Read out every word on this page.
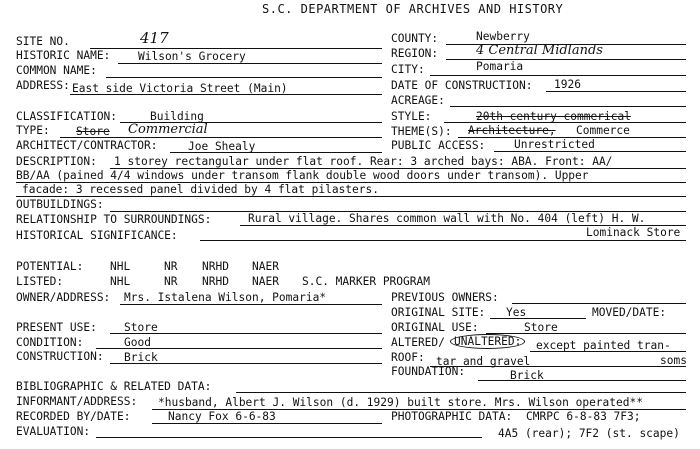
S.C. DEPARTMENT OF ARCHIVES AND HISTORY
SITE NO.	417
HISTORIC NAME: Wilson's Grocery
COMMON NAME:
ADDRESS: East side Victoria Street (Main)
CLASSIFICATION:	Building
TYPE: Store Commercial
ARCHITECT/CONTRACTOR:	Joe Shealy
COUNTY:	Newberry
REGION:	4 Central Midlands
CITY:	Pomaria
DATE OF CONSTRUCTION: 1926
ACREAGE:
STYLE:	20th century commerical
THEME(S): Architecture, Commerce
PUBLIC ACCESS:	Unrestricted
DESCRIPTION: 1 storey rectangular under flat roof. Rear: 3 arched bays: ABA. Front: AA/
BB/AA (pained 4/4 windows under transom flank double wood doors under transom). Upper
facade: 3 recessed panel divided by 4 flat pilasters.
OUTBUILDINGS:
RELATIONSHIP TO SURROUNDINGS:	Rural village. Shares common wall with No. 404 (left) H. W.
HISTORICAL SIGNIFICANCE:	Lominack Store
POTENTIAL: NHL	NR NRHD NAER
LISTED:	NHL	NR NRHD NAER S.C. MARKER PROGRAM
OWNER/ADDRESS: Mrs. Istalena Wilson, Pomaria*	PREVIOUS OWNERS:
ORIGINAL SITE: Yes	MOVED/DATE:
ORIGINAL USE:	Store
PRESENT USE: Store
CONDITION:	Good
CONSTRUCTION: Brick
ALTERED/ UNALTERED:	except painted tran-
soms
ROOF: tar and gravel
FOUNDATION:	Brick
BIBLIOGRAPHIC & RELATED DATA:
INFORMANT/ADDRESS: *husband, Albert J. Wilson (d. 1929) built store. Mrs. Wilson operated**
RECORDED BY/DATE:	Nancy Fox 6-6-83	PHOTOGRAPHIC DATA: CMRPC 6-8-83 7F3;
4A5 (rear); 7F2 (st. scape)
EVALUATION:
